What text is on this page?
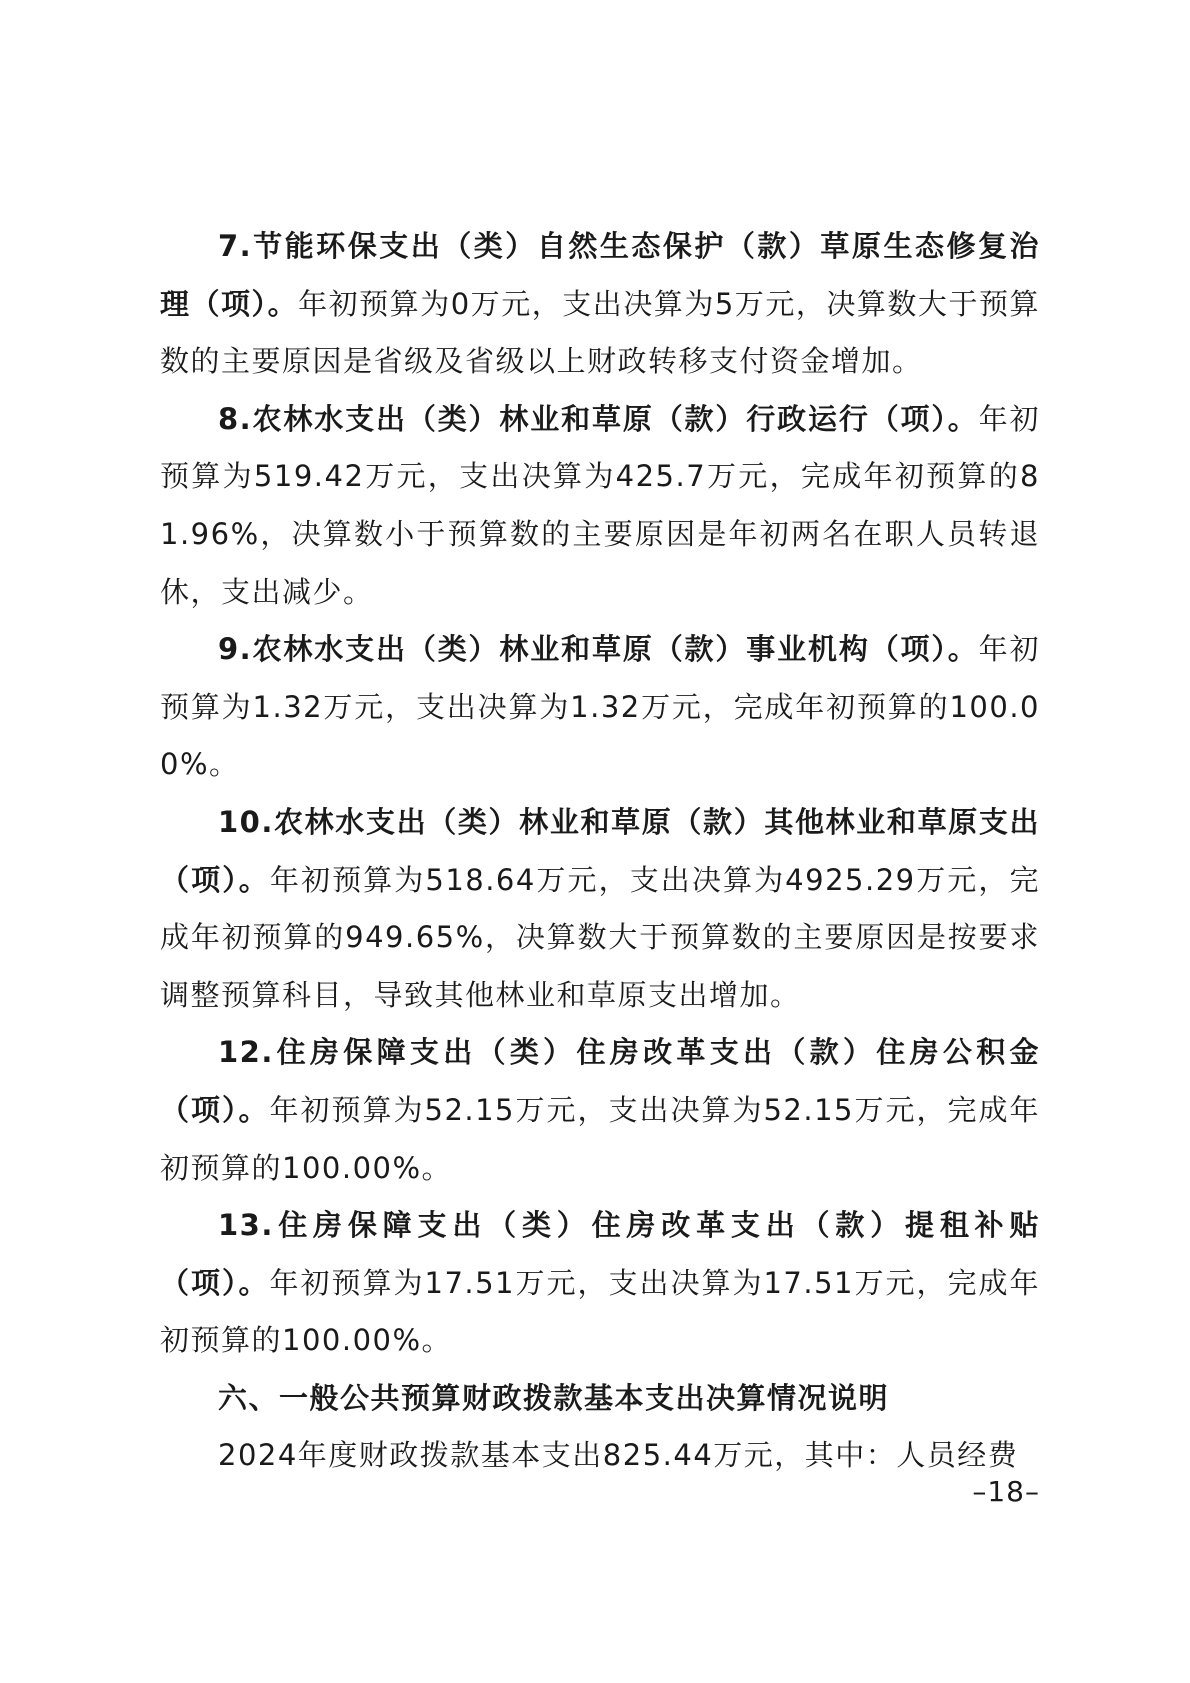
7.节能环保支出（类）自然生态保护（款）草原生态修复治理（项）。年初预算为0万元，支出决算为5万元，决算数大于预算数的主要原因是省级及省级以上财政转移支付资金增加。

8.农林水支出（类）林业和草原（款）行政运行（项）。年初预算为519.42万元，支出决算为425.7万元，完成年初预算的81.96%，决算数小于预算数的主要原因是年初两名在职人员转退休，支出减少。

9.农林水支出（类）林业和草原（款）事业机构（项）。年初预算为1.32万元，支出决算为1.32万元，完成年初预算的100.00%。

10.农林水支出（类）林业和草原（款）其他林业和草原支出（项）。年初预算为518.64万元，支出决算为4925.29万元，完成年初预算的949.65%，决算数大于预算数的主要原因是按要求调整预算科目，导致其他林业和草原支出增加。

12.住房保障支出（类）住房改革支出（款）住房公积金（项）。年初预算为52.15万元，支出决算为52.15万元，完成年初预算的100.00%。

13.住房保障支出（类）住房改革支出（款）提租补贴（项）。年初预算为17.51万元，支出决算为17.51万元，完成年初预算的100.00%。

六、一般公共预算财政拨款基本支出决算情况说明

2024年度财政拨款基本支出825.44万元，其中：人员经费

–18–
